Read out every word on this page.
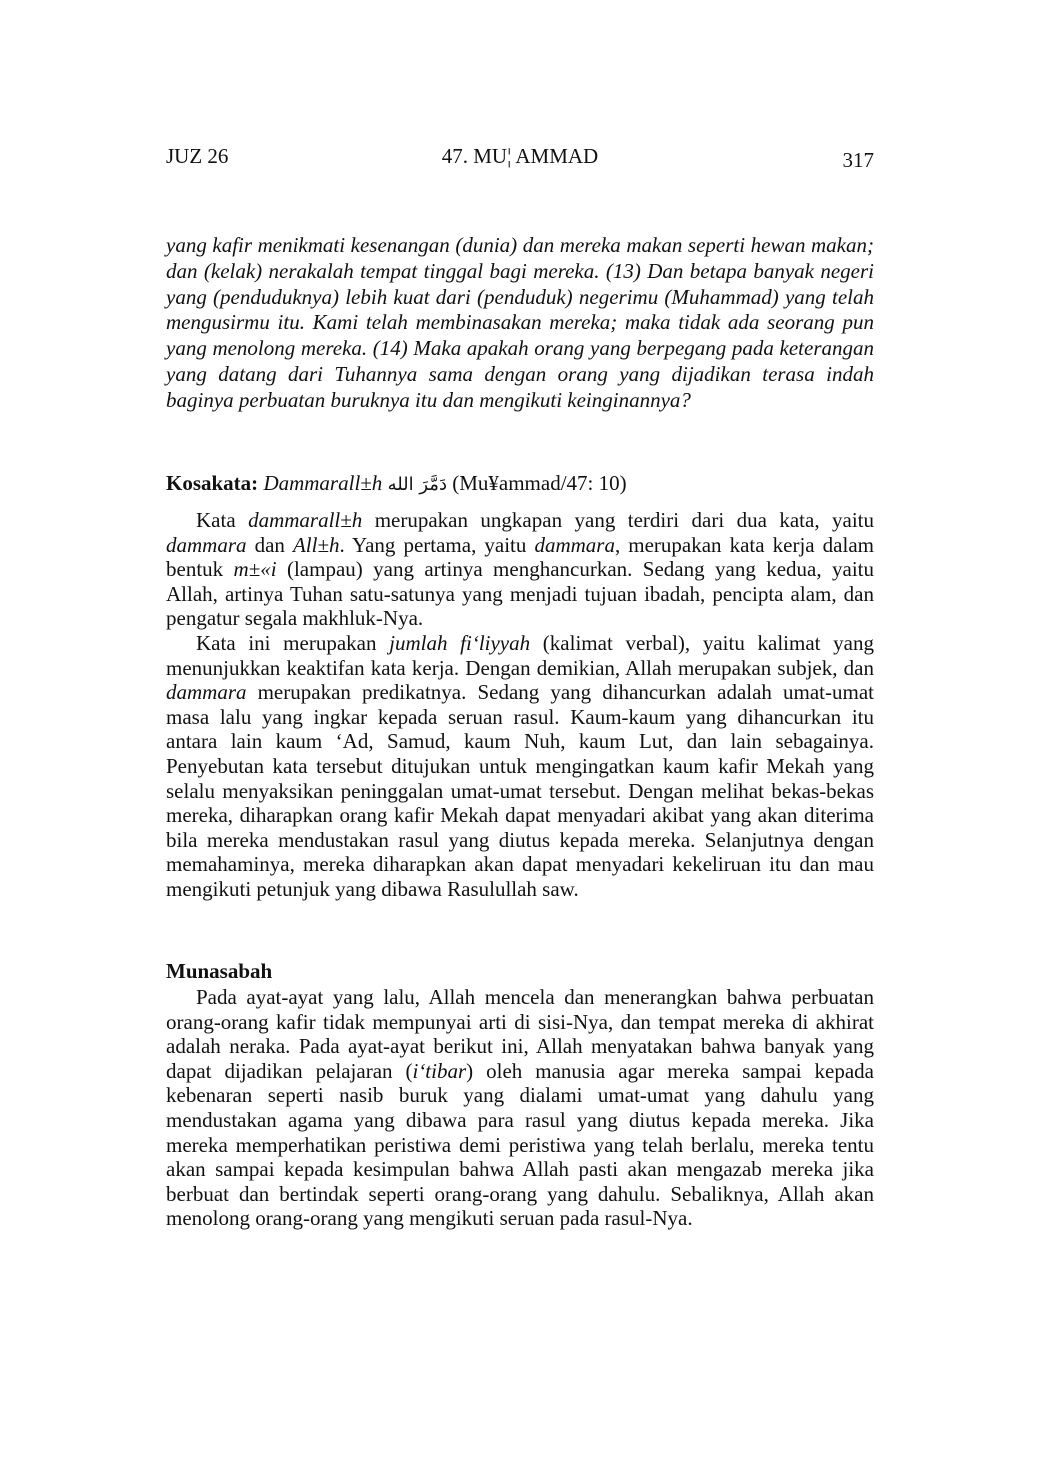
JUZ 26	47. MU¦ AMMAD	317
yang kafir menikmati kesenangan (dunia) dan mereka makan seperti hewan makan; dan (kelak) nerakalah tempat tinggal bagi mereka. (13) Dan betapa banyak negeri yang (penduduknya) lebih kuat dari (penduduk) negerimu (Muhammad) yang telah mengusirmu itu. Kami telah membinasakan mereka; maka tidak ada seorang pun yang menolong mereka. (14) Maka apakah orang yang berpegang pada keterangan yang datang dari Tuhannya sama dengan orang yang dijadikan terasa indah baginya perbuatan buruknya itu dan mengikuti keinginannya?
Kosakata: Dammarall±h دَمَّرَ الله (Mu¥ammad/47: 10)

Kata dammarall±h merupakan ungkapan yang terdiri dari dua kata, yaitu dammara dan All±h. Yang pertama, yaitu dammara, merupakan kata kerja dalam bentuk m±«i (lampau) yang artinya menghancurkan. Sedang yang kedua, yaitu Allah, artinya Tuhan satu-satunya yang menjadi tujuan ibadah, pencipta alam, dan pengatur segala makhluk-Nya.

Kata ini merupakan jumlah fi‘liyyah (kalimat verbal), yaitu kalimat yang menunjukkan keaktifan kata kerja. Dengan demikian, Allah merupakan subjek, dan dammara merupakan predikatnya. Sedang yang dihancurkan adalah umat-umat masa lalu yang ingkar kepada seruan rasul. Kaum-kaum yang dihancurkan itu antara lain kaum ‘Ad, Samud, kaum Nuh, kaum Lut, dan lain sebagainya. Penyebutan kata tersebut ditujukan untuk mengingatkan kaum kafir Mekah yang selalu menyaksikan peninggalan umat-umat tersebut. Dengan melihat bekas-bekas mereka, diharapkan orang kafir Mekah dapat menyadari akibat yang akan diterima bila mereka mendustakan rasul yang diutus kepada mereka. Selanjutnya dengan memahaminya, mereka diharapkan akan dapat menyadari kekeliruan itu dan mau mengikuti petunjuk yang dibawa Rasulullah saw.

Munasabah

Pada ayat-ayat yang lalu, Allah mencela dan menerangkan bahwa perbuatan orang-orang kafir tidak mempunyai arti di sisi-Nya, dan tempat mereka di akhirat adalah neraka. Pada ayat-ayat berikut ini, Allah menyatakan bahwa banyak yang dapat dijadikan pelajaran (i‘tibar) oleh manusia agar mereka sampai kepada kebenaran seperti nasib buruk yang dialami umat-umat yang dahulu yang mendustakan agama yang dibawa para rasul yang diutus kepada mereka. Jika mereka memperhatikan peristiwa demi peristiwa yang telah berlalu, mereka tentu akan sampai kepada kesimpulan bahwa Allah pasti akan mengazab mereka jika berbuat dan bertindak seperti orang-orang yang dahulu. Sebaliknya, Allah akan menolong orang-orang yang mengikuti seruan pada rasul-Nya.
